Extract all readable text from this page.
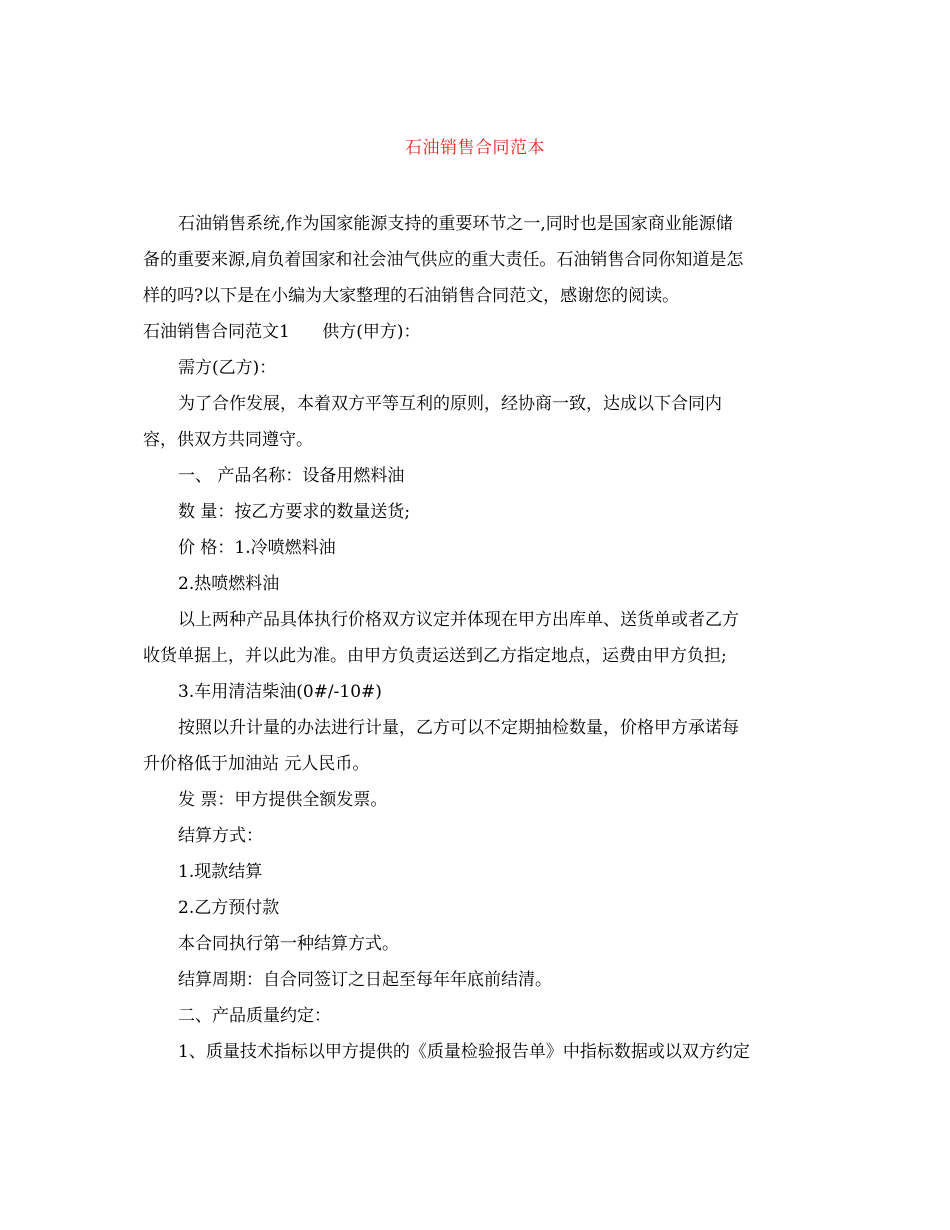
石油销售合同范本
石油销售系统,作为国家能源支持的重要环节之一,同时也是国家商业能源储
备的重要来源,肩负着国家和社会油气供应的重大责任。石油销售合同你知道是怎
样的吗?以下是在小编为大家整理的石油销售合同范文，感谢您的阅读。
石油销售合同范文1      供方(甲方)：
需方(乙方)：
为了合作发展，本着双方平等互利的原则，经协商一致，达成以下合同内
容，供双方共同遵守。
一、 产品名称：设备用燃料油
数 量：按乙方要求的数量送货;
价 格：1.冷喷燃料油
2.热喷燃料油
以上两种产品具体执行价格双方议定并体现在甲方出库单、送货单或者乙方
收货单据上，并以此为准。由甲方负责运送到乙方指定地点，运费由甲方负担;
3.车用清洁柴油(0#/-10#)
按照以升计量的办法进行计量，乙方可以不定期抽检数量，价格甲方承诺每
升价格低于加油站 元人民币。
发 票：甲方提供全额发票。
结算方式：
1.现款结算
2.乙方预付款
本合同执行第一种结算方式。
结算周期：自合同签订之日起至每年年底前结清。
二、产品质量约定：
1、质量技术指标以甲方提供的《质量检验报告单》中指标数据或以双方约定
